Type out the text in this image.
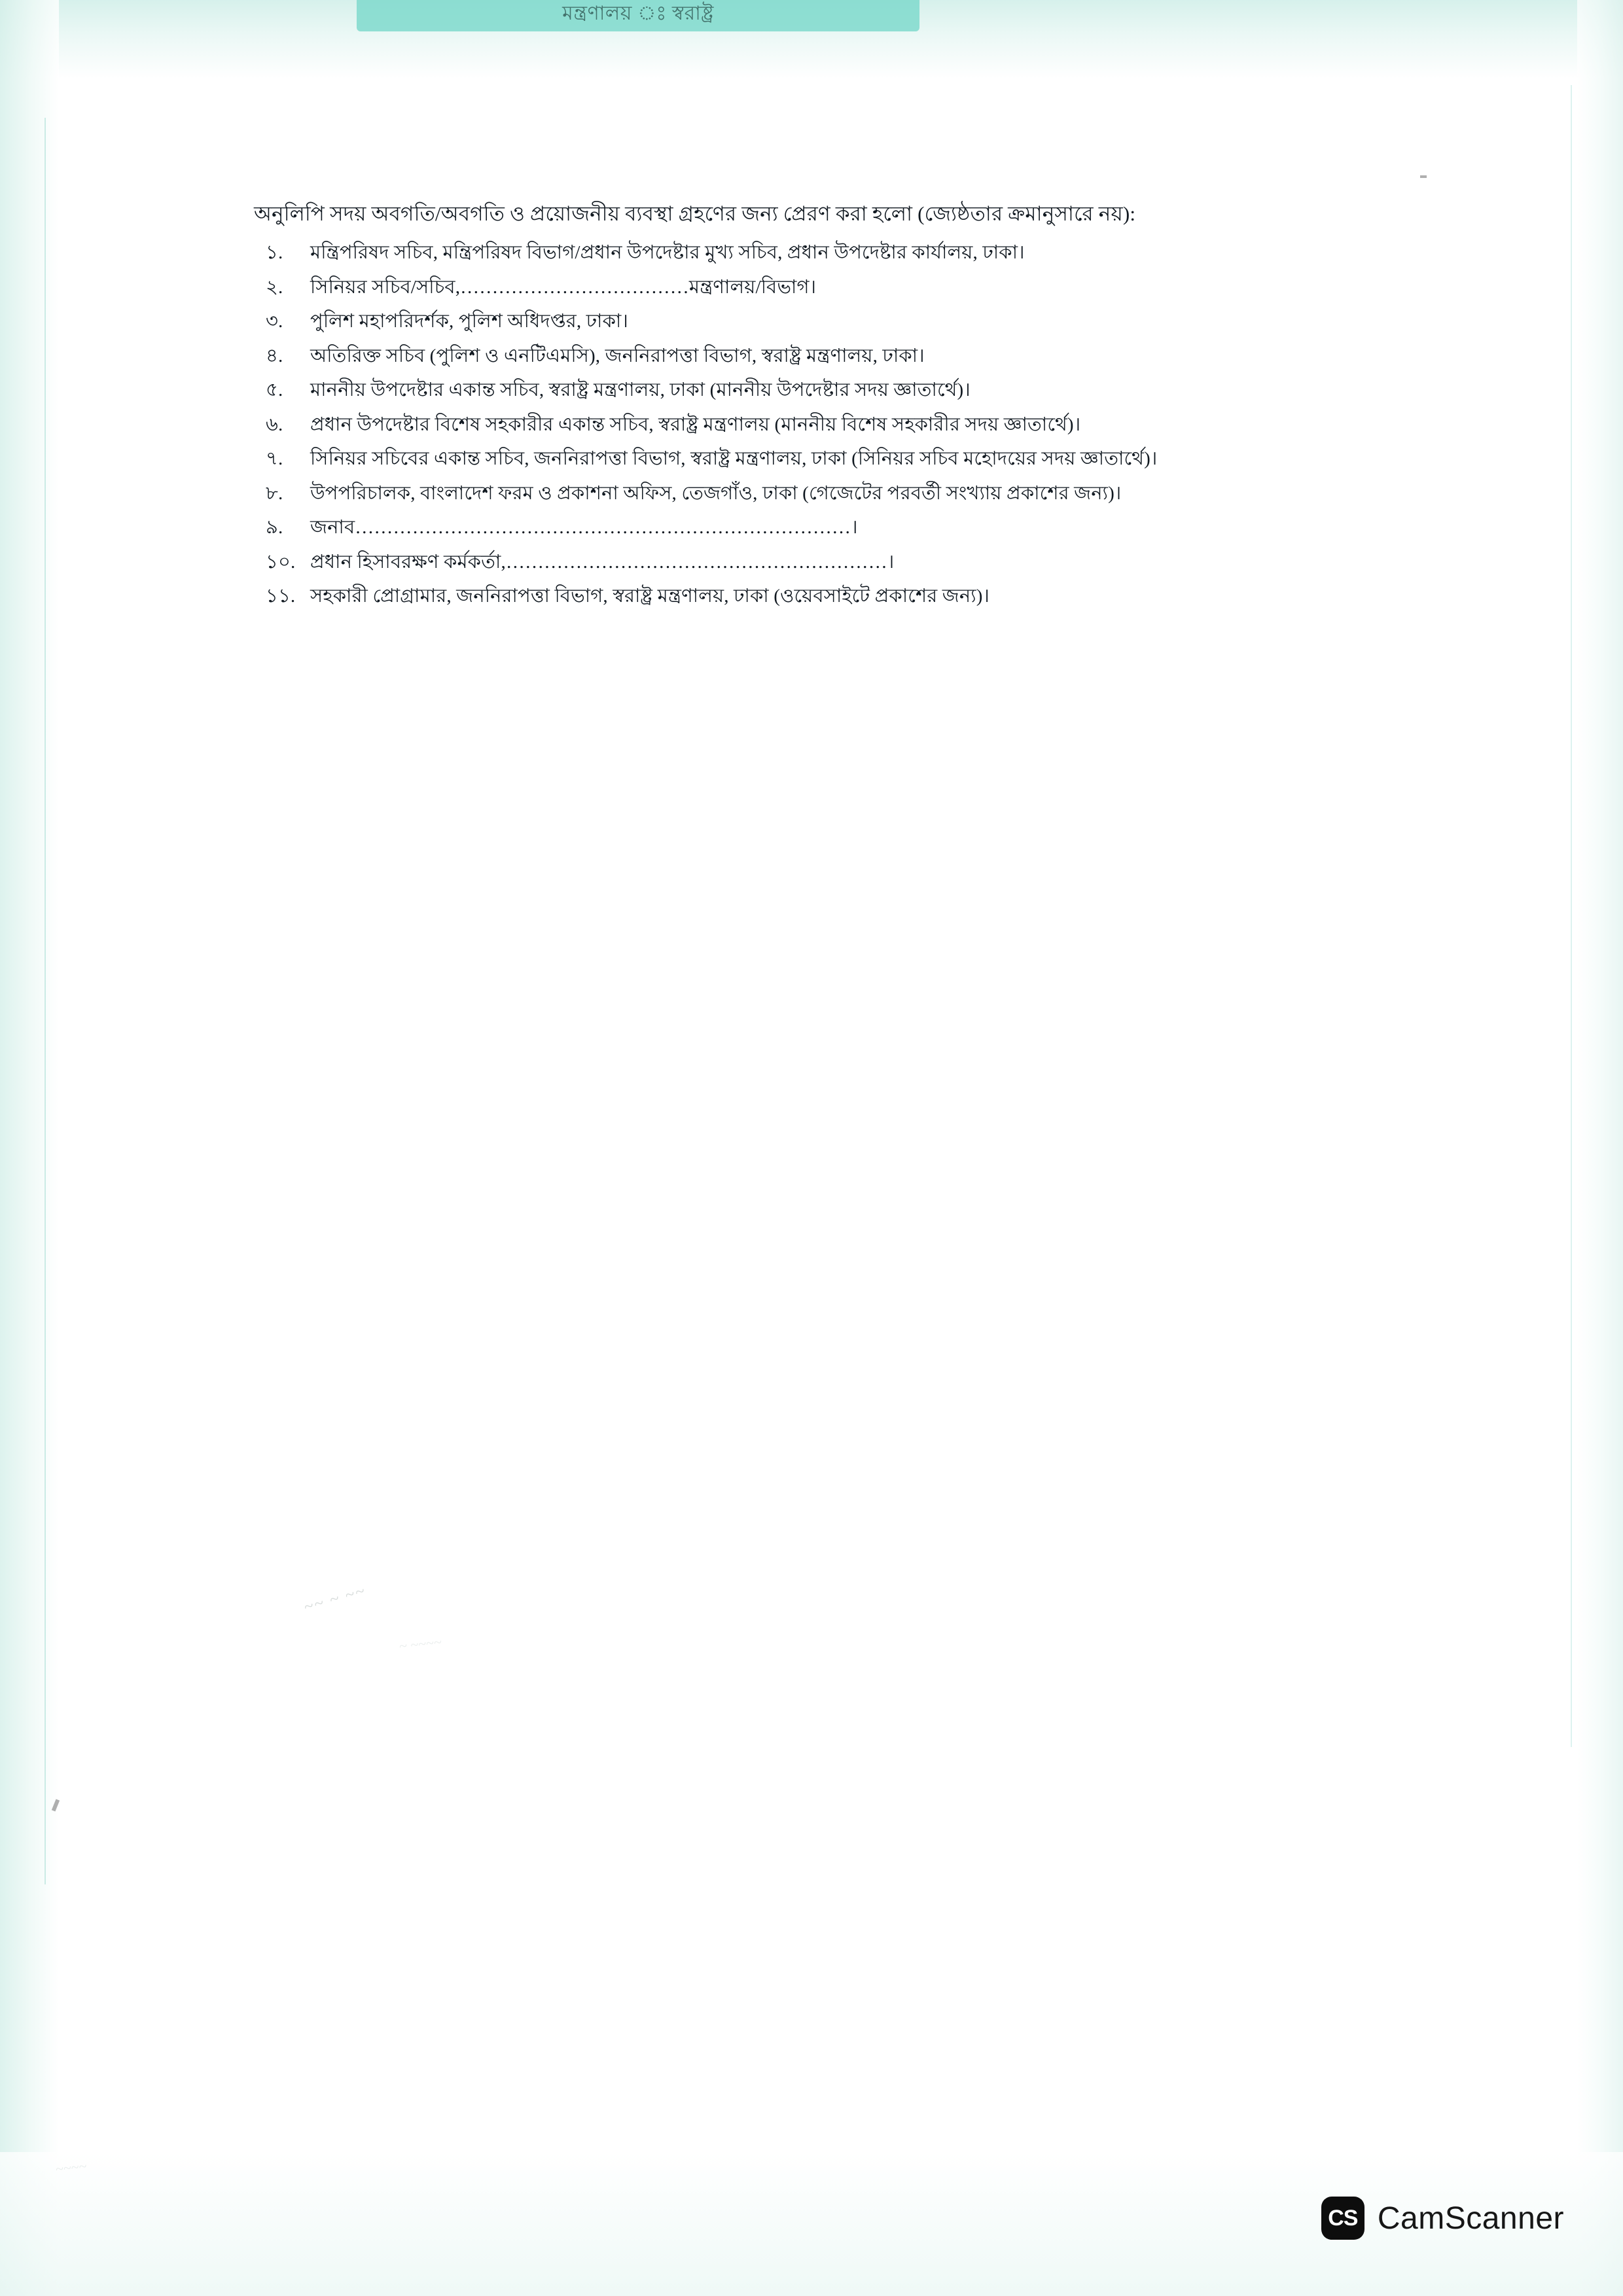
মন্ত্রণালয় ঃ স্বরাষ্ট্র
‌‌‍‍‎‎⁠⁠ ~~ ~ ~~
~ ~~~~
~~~~
অনুলিপি সদয় অবগতি/অবগতি ও প্রয়োজনীয় ব্যবস্থা গ্রহণের জন্য প্রেরণ করা হলো (জ্যেষ্ঠতার ক্রমানুসারে নয়):
১.	মন্ত্রিপরিষদ সচিব, মন্ত্রিপরিষদ বিভাগ/প্রধান উপদেষ্টার মুখ্য সচিব, প্রধান উপদেষ্টার কার্যালয়, ঢাকা।
২.	সিনিয়র সচিব/সচিব,………………………………মন্ত্রণালয়/বিভাগ।
৩.	পুলিশ মহাপরিদর্শক, পুলিশ অধিদপ্তর, ঢাকা।
৪.	অতিরিক্ত সচিব (পুলিশ ও এনটিএমসি), জননিরাপত্তা বিভাগ, স্বরাষ্ট্র মন্ত্রণালয়, ঢাকা।
৫.	মাননীয় উপদেষ্টার একান্ত সচিব, স্বরাষ্ট্র মন্ত্রণালয়, ঢাকা (মাননীয় উপদেষ্টার সদয় জ্ঞাতার্থে)।
৬.	প্রধান উপদেষ্টার বিশেষ সহকারীর একান্ত সচিব, স্বরাষ্ট্র মন্ত্রণালয় (মাননীয় বিশেষ সহকারীর সদয় জ্ঞাতার্থে)।
৭.	সিনিয়র সচিবের একান্ত সচিব, জননিরাপত্তা বিভাগ, স্বরাষ্ট্র মন্ত্রণালয়, ঢাকা (সিনিয়র সচিব মহোদয়ের সদয় জ্ঞাতার্থে)।
৮.	উপপরিচালক, বাংলাদেশ ফরম ও প্রকাশনা অফিস, তেজগাঁও, ঢাকা (গেজেটের পরবর্তী সংখ্যায় প্রকাশের জন্য)।
৯.	জনাব……………………………………………………………………।
১০. প্রধান হিসাবরক্ষণ কর্মকর্তা,……………………………………………………।
১১. সহকারী প্রোগ্রামার, জননিরাপত্তা বিভাগ, স্বরাষ্ট্র মন্ত্রণালয়, ঢাকা (ওয়েবসাইটে প্রকাশের জন্য)।
CS CamScanner
